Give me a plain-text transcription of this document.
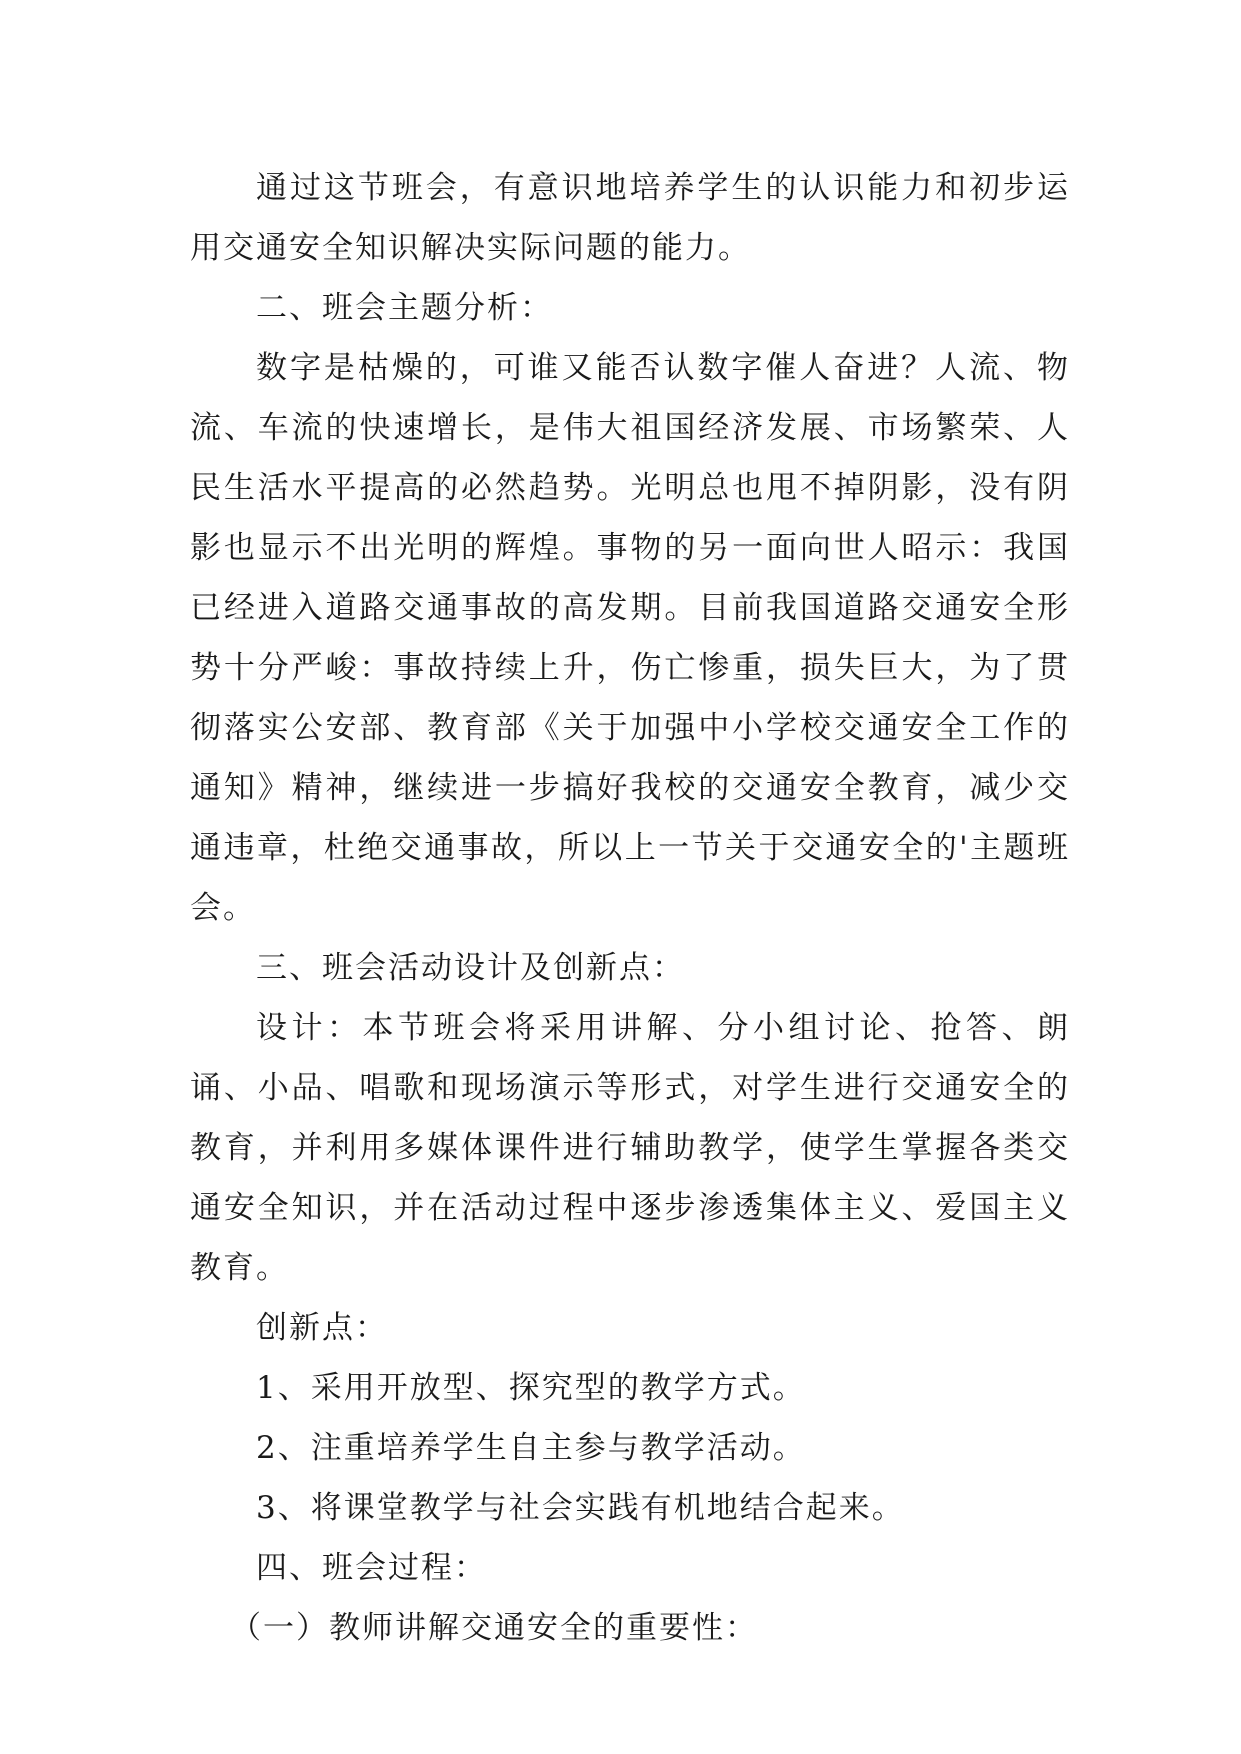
通过这节班会，有意识地培养学生的认识能力和初步运用交通安全知识解决实际问题的能力。

二、班会主题分析：

数字是枯燥的，可谁又能否认数字催人奋进？人流、物流、车流的快速增长，是伟大祖国经济发展、市场繁荣、人民生活水平提高的必然趋势。光明总也甩不掉阴影，没有阴影也显示不出光明的辉煌。事物的另一面向世人昭示：我国已经进入道路交通事故的高发期。目前我国道路交通安全形势十分严峻：事故持续上升，伤亡惨重，损失巨大，为了贯彻落实公安部、教育部《关于加强中小学校交通安全工作的通知》精神，继续进一步搞好我校的交通安全教育，减少交通违章，杜绝交通事故，所以上一节关于交通安全的'主题班会。

三、班会活动设计及创新点：

设计：本节班会将采用讲解、分小组讨论、抢答、朗诵、小品、唱歌和现场演示等形式，对学生进行交通安全的教育，并利用多媒体课件进行辅助教学，使学生掌握各类交通安全知识，并在活动过程中逐步渗透集体主义、爱国主义教育。

创新点：

1、采用开放型、探究型的教学方式。

2、注重培养学生自主参与教学活动。

3、将课堂教学与社会实践有机地结合起来。

四、班会过程：

（一）教师讲解交通安全的重要性：
